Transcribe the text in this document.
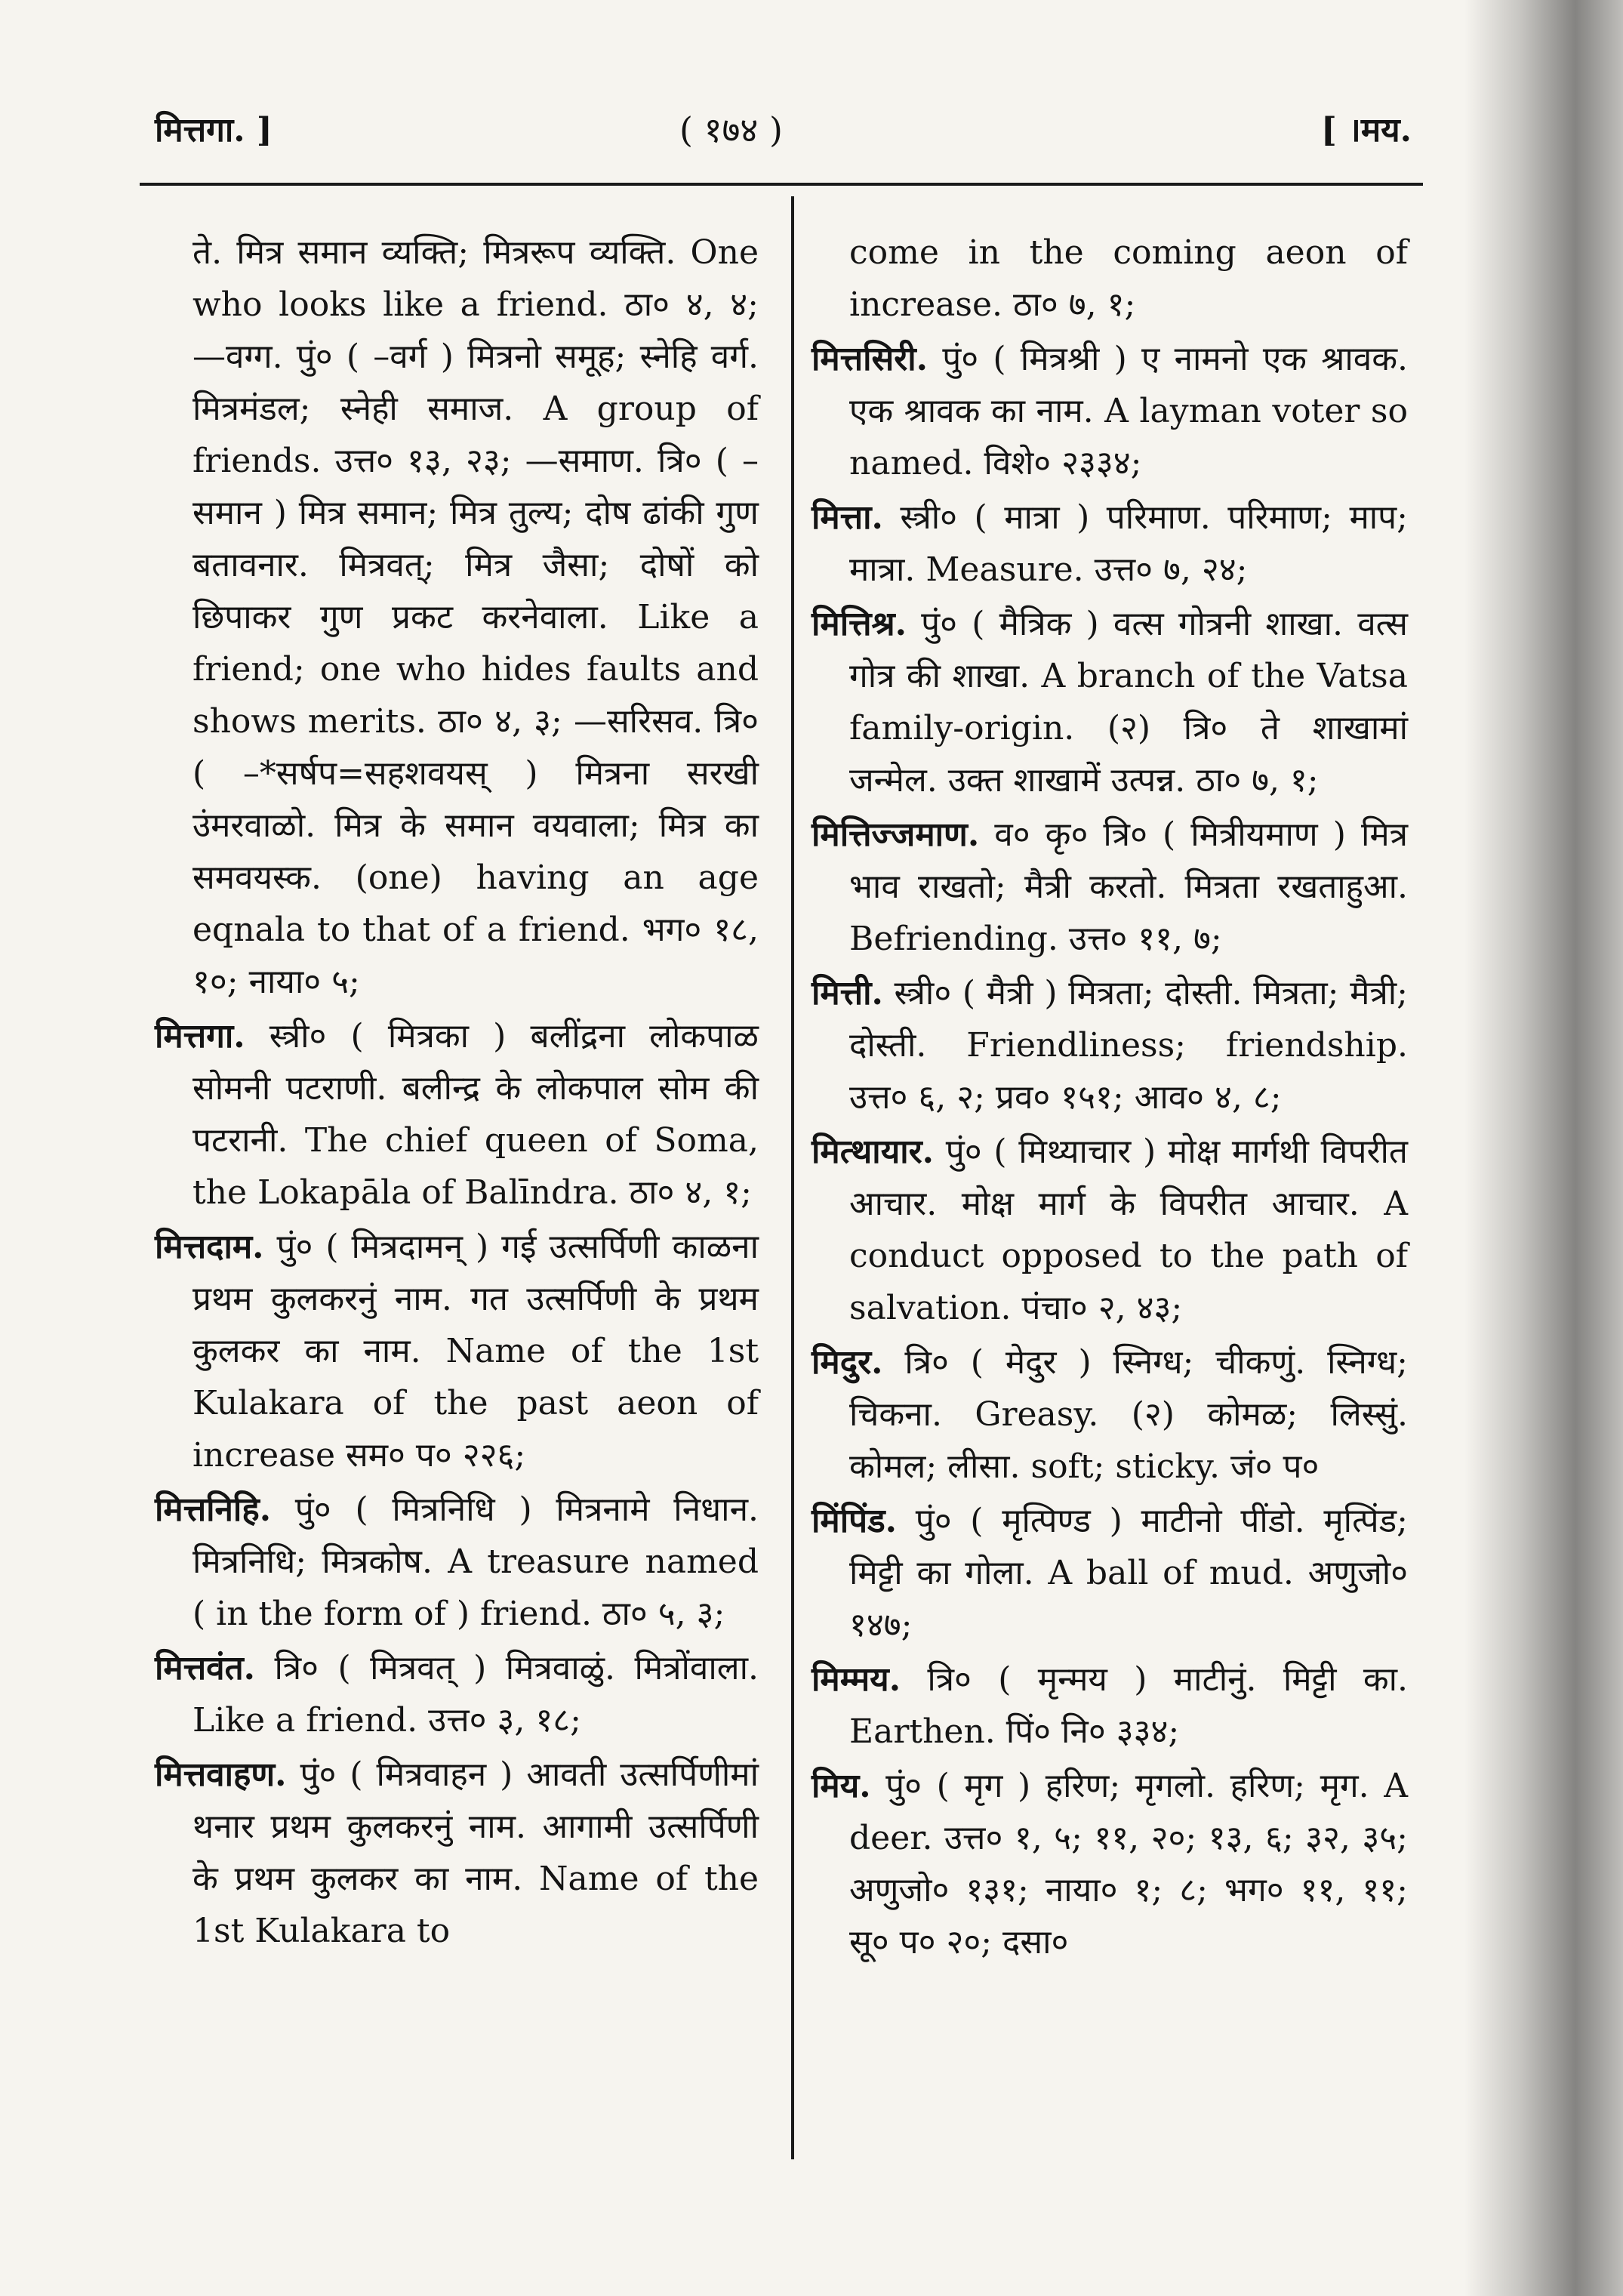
मित्तगा. ]	( १७४ )	[ ।मय.

ते. मित्र समान व्यक्ति; मित्ररूप व्यक्ति. One who looks like a friend. ठा० ४, ४; —वग्ग. पुं० ( –वर्ग ) मित्रनो समूह; स्नेहि वर्ग. मित्रमंडल; स्नेही समाज. A group of friends. उत्त० १३, २३; —समाण. त्रि० ( –समान ) मित्र समान; मित्र तुल्य; दोष ढांकी गुण बतावनार. मित्रवत्; मित्र जैसा; दोषों को छिपाकर गुण प्रकट करनेवाला. Like a friend; one who hides faults and shows merits. ठा० ४, ३; —सरिसव. त्रि० ( –*सर्षप=सहशवयस् ) मित्रना सरखी उंमरवाळो. मित्र के समान वयवाला; मित्र का समवयस्क. (one) having an age eqnala to that of a friend. भग० १८, १०; नाया० ५;

मित्तगा. स्त्री० ( मित्रका ) बलींद्रना लोकपाळ सोमनी पटराणी. बलीन्द्र के लोकपाल सोम की पटरानी. The chief queen of Soma, the Lokapāla of Balīndra. ठा० ४, १;

मित्तदाम. पुं० ( मित्रदामन् ) गई उत्सर्पिणी काळना प्रथम कुलकरनुं नाम. गत उत्सर्पिणी के प्रथम कुलकर का नाम. Name of the 1st Kulakara of the past aeon of increase सम० प० २२६;

मित्तनिहि. पुं० ( मित्रनिधि ) मित्रनामे निधान. मित्रनिधि; मित्रकोष. A treasure named ( in the form of ) friend. ठा० ५, ३;

मित्तवंत. त्रि० ( मित्रवत् ) मित्रवाळुं. मित्रोंवाला. Like a friend. उत्त० ३, १८;

मित्तवाहण. पुं० ( मित्रवाहन ) आवती उत्सर्पिणीमां थनार प्रथम कुलकरनुं नाम. आगामी उत्सर्पिणी के प्रथम कुलकर का नाम. Name of the 1st Kulakara to

come in the coming aeon of increase. ठा० ७, १;

मित्तसिरी. पुं० ( मित्रश्री ) ए नामनो एक श्रावक. एक श्रावक का नाम. A layman voter so named. विशे० २३३४;

मित्ता. स्त्री० ( मात्रा ) परिमाण. परिमाण; माप; मात्रा. Measure. उत्त० ७, २४;

मित्तिश्र. पुं० ( मैत्रिक ) वत्स गोत्रनी शाखा. वत्स गोत्र की शाखा. A branch of the Vatsa family-origin. (२) त्रि० ते शाखामां जन्मेल. उक्त शाखामें उत्पन्न. ठा० ७, १;

मित्तिज्जमाण. व० कृ० त्रि० ( मित्रीयमाण ) मित्र भाव राखतो; मैत्री करतो. मित्रता रखताहुआ. Befriending. उत्त० ११, ७;

मित्ती. स्त्री० ( मैत्री ) मित्रता; दोस्ती. मित्रता; मैत्री; दोस्ती. Friendliness; friendship. उत्त० ६, २; प्रव० १५१; आव० ४, ८;

मित्थायार. पुं० ( मिथ्याचार ) मोक्ष मार्गथी विपरीत आचार. मोक्ष मार्ग के विपरीत आचार. A conduct opposed to the path of salvation. पंचा० २, ४३;

मिदुर. त्रि० ( मेदुर ) स्निग्ध; चीकणुं. स्निग्ध; चिकना. Greasy. (२) कोमळ; लिस्सुं. कोमल; लीसा. soft; sticky. जं० प०

मिंपिंड. पुं० ( मृत्पिण्ड ) माटीनो पींडो. मृत्पिंड; मिट्टी का गोला. A ball of mud. अणुजो० १४७;

मिम्मय. त्रि० ( मृन्मय ) माटीनुं. मिट्टी का. Earthen. पिं० नि० ३३४;

मिय. पुं० ( मृग ) हरिण; मृगलो. हरिण; मृग. A deer. उत्त० १, ५; ११, २०; १३, ६; ३२, ३५; अणुजो० १३१; नाया० १; ८; भग० ११, ११; सू० प० २०; दसा०
